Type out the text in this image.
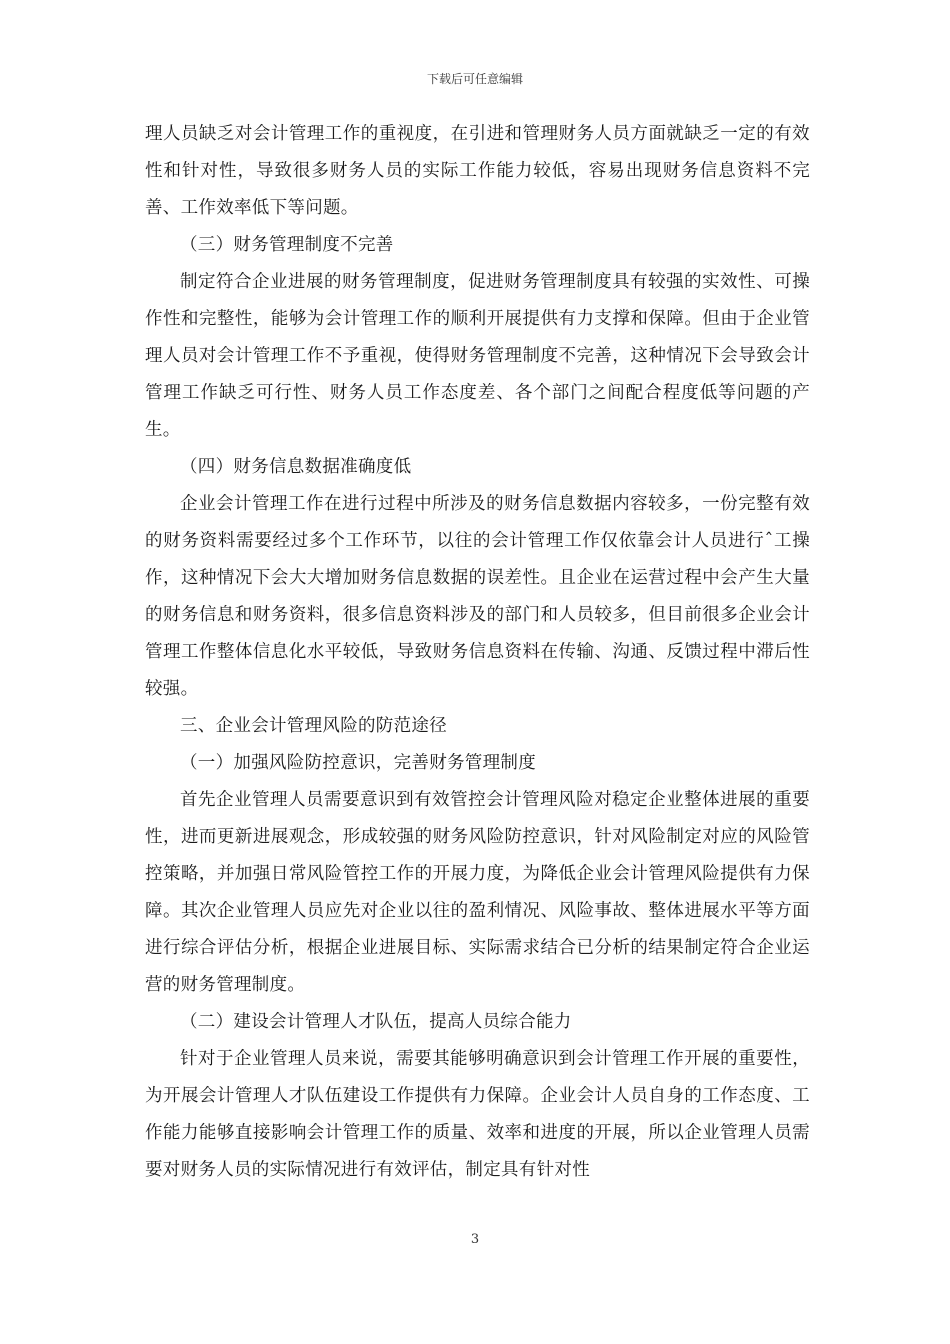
下载后可任意编辑

理人员缺乏对会计管理工作的重视度，在引进和管理财务人员方面就缺乏一定的有效性和针对性，导致很多财务人员的实际工作能力较低，容易出现财务信息资料不完善、工作效率低下等问题。

（三）财务管理制度不完善

制定符合企业进展的财务管理制度，促进财务管理制度具有较强的实效性、可操作性和完整性，能够为会计管理工作的顺利开展提供有力支撑和保障。但由于企业管理人员对会计管理工作不予重视，使得财务管理制度不完善，这种情况下会导致会计管理工作缺乏可行性、财务人员工作态度差、各个部门之间配合程度低等问题的产生。

（四）财务信息数据准确度低

企业会计管理工作在进行过程中所涉及的财务信息数据内容较多，一份完整有效的财务资料需要经过多个工作环节，以往的会计管理工作仅依靠会计人员进行ˆ工操作，这种情况下会大大增加财务信息数据的误差性。且企业在运营过程中会产生大量的财务信息和财务资料，很多信息资料涉及的部门和人员较多，但目前很多企业会计管理工作整体信息化水平较低，导致财务信息资料在传输、沟通、反馈过程中滞后性较强。

三、企业会计管理风险的防范途径

（一）加强风险防控意识，完善财务管理制度

首先企业管理人员需要意识到有效管控会计管理风险对稳定企业整体进展的重要性，进而更新进展观念，形成较强的财务风险防控意识，针对风险制定对应的风险管控策略，并加强日常风险管控工作的开展力度，为降低企业会计管理风险提供有力保障。其次企业管理人员应先对企业以往的盈利情况、风险事故、整体进展水平等方面进行综合评估分析，根据企业进展目标、实际需求结合已分析的结果制定符合企业运营的财务管理制度。

（二）建设会计管理人才队伍，提高人员综合能力

针对于企业管理人员来说，需要其能够明确意识到会计管理工作开展的重要性，为开展会计管理人才队伍建设工作提供有力保障。企业会计人员自身的工作态度、工作能力能够直接影响会计管理工作的质量、效率和进度的开展，所以企业管理人员需要对财务人员的实际情况进行有效评估，制定具有针对性

3
